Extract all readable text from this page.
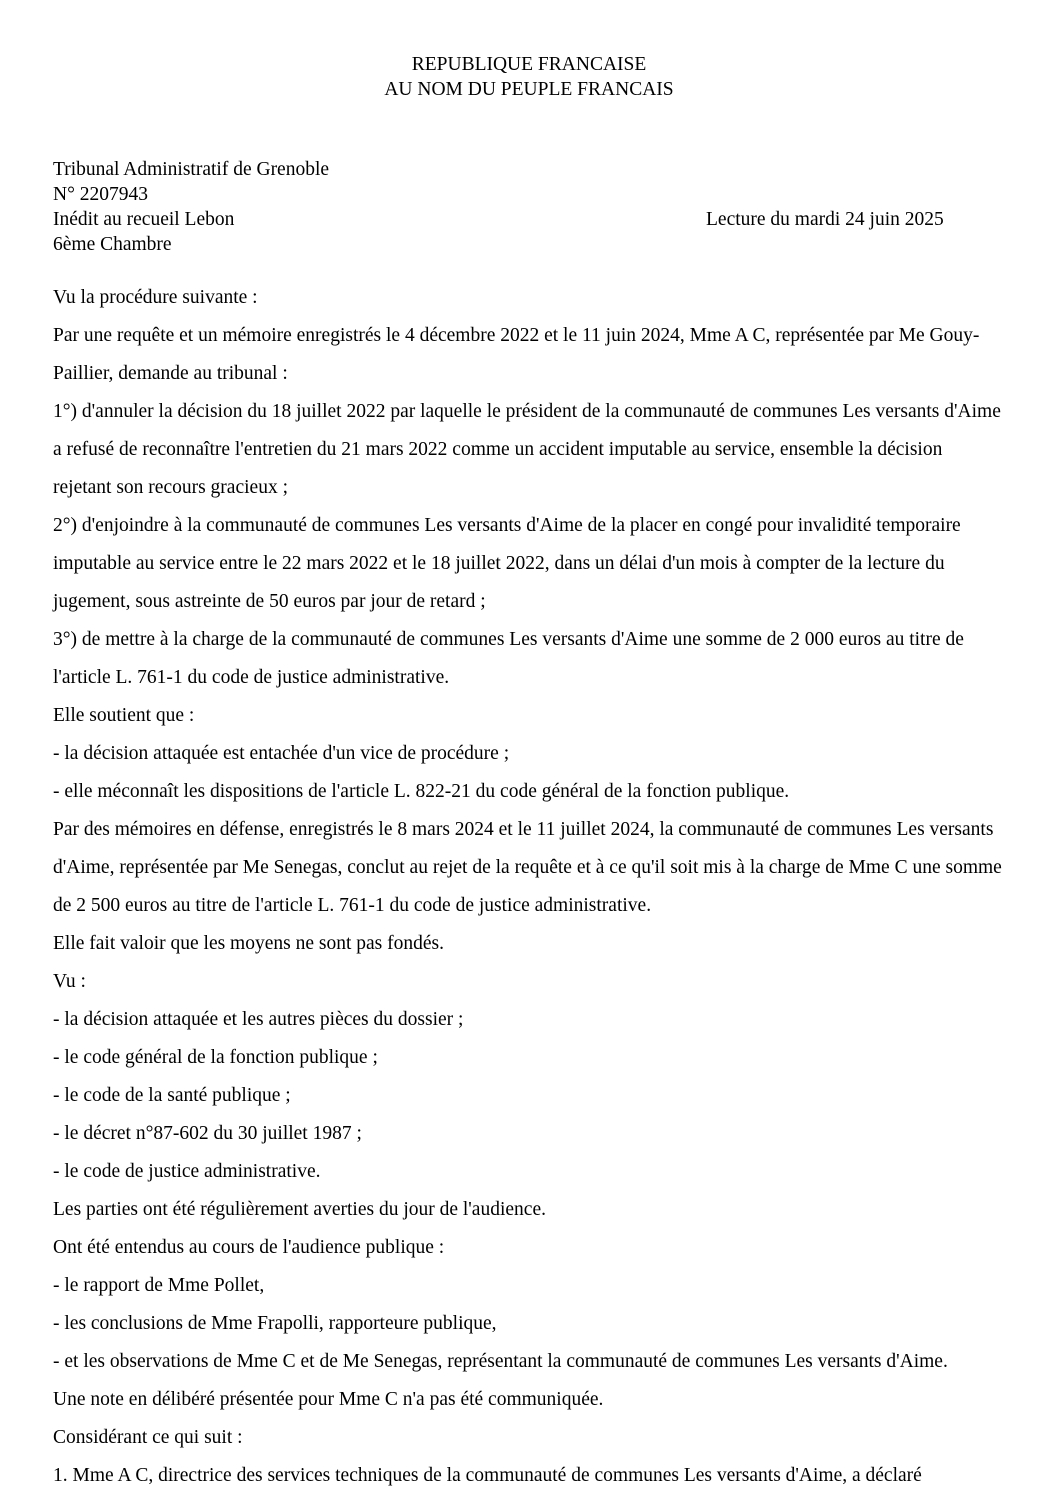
REPUBLIQUE FRANCAISE
AU NOM DU PEUPLE FRANCAIS
Tribunal Administratif de Grenoble
N° 2207943
Inédit au recueil Lebon	Lecture du mardi 24 juin 2025
6ème Chambre

Vu la procédure suivante :

Par une requête et un mémoire enregistrés le 4 décembre 2022 et le 11 juin 2024, Mme A C, représentée par Me Gouy-Paillier, demande au tribunal :

1°) d'annuler la décision du 18 juillet 2022 par laquelle le président de la communauté de communes Les versants d'Aime a refusé de reconnaître l'entretien du 21 mars 2022 comme un accident imputable au service, ensemble la décision rejetant son recours gracieux ;

2°) d'enjoindre à la communauté de communes Les versants d'Aime de la placer en congé pour invalidité temporaire imputable au service entre le 22 mars 2022 et le 18 juillet 2022, dans un délai d'un mois à compter de la lecture du jugement, sous astreinte de 50 euros par jour de retard ;

3°) de mettre à la charge de la communauté de communes Les versants d'Aime une somme de 2 000 euros au titre de l'article L. 761-1 du code de justice administrative.

Elle soutient que :

- la décision attaquée est entachée d'un vice de procédure ;

- elle méconnaît les dispositions de l'article L. 822-21 du code général de la fonction publique.

Par des mémoires en défense, enregistrés le 8 mars 2024 et le 11 juillet 2024, la communauté de communes Les versants d'Aime, représentée par Me Senegas, conclut au rejet de la requête et à ce qu'il soit mis à la charge de Mme C une somme de 2 500 euros au titre de l'article L. 761-1 du code de justice administrative.

Elle fait valoir que les moyens ne sont pas fondés.

Vu :

- la décision attaquée et les autres pièces du dossier ;

- le code général de la fonction publique ;

- le code de la santé publique ;

- le décret n°87-602 du 30 juillet 1987 ;

- le code de justice administrative.

Les parties ont été régulièrement averties du jour de l'audience.

Ont été entendus au cours de l'audience publique :

- le rapport de Mme Pollet,

- les conclusions de Mme Frapolli, rapporteure publique,

- et les observations de Mme C et de Me Senegas, représentant la communauté de communes Les versants d'Aime.

Une note en délibéré présentée pour Mme C n'a pas été communiquée.

Considérant ce qui suit :

1. Mme A C, directrice des services techniques de la communauté de communes Les versants d'Aime, a déclaré
